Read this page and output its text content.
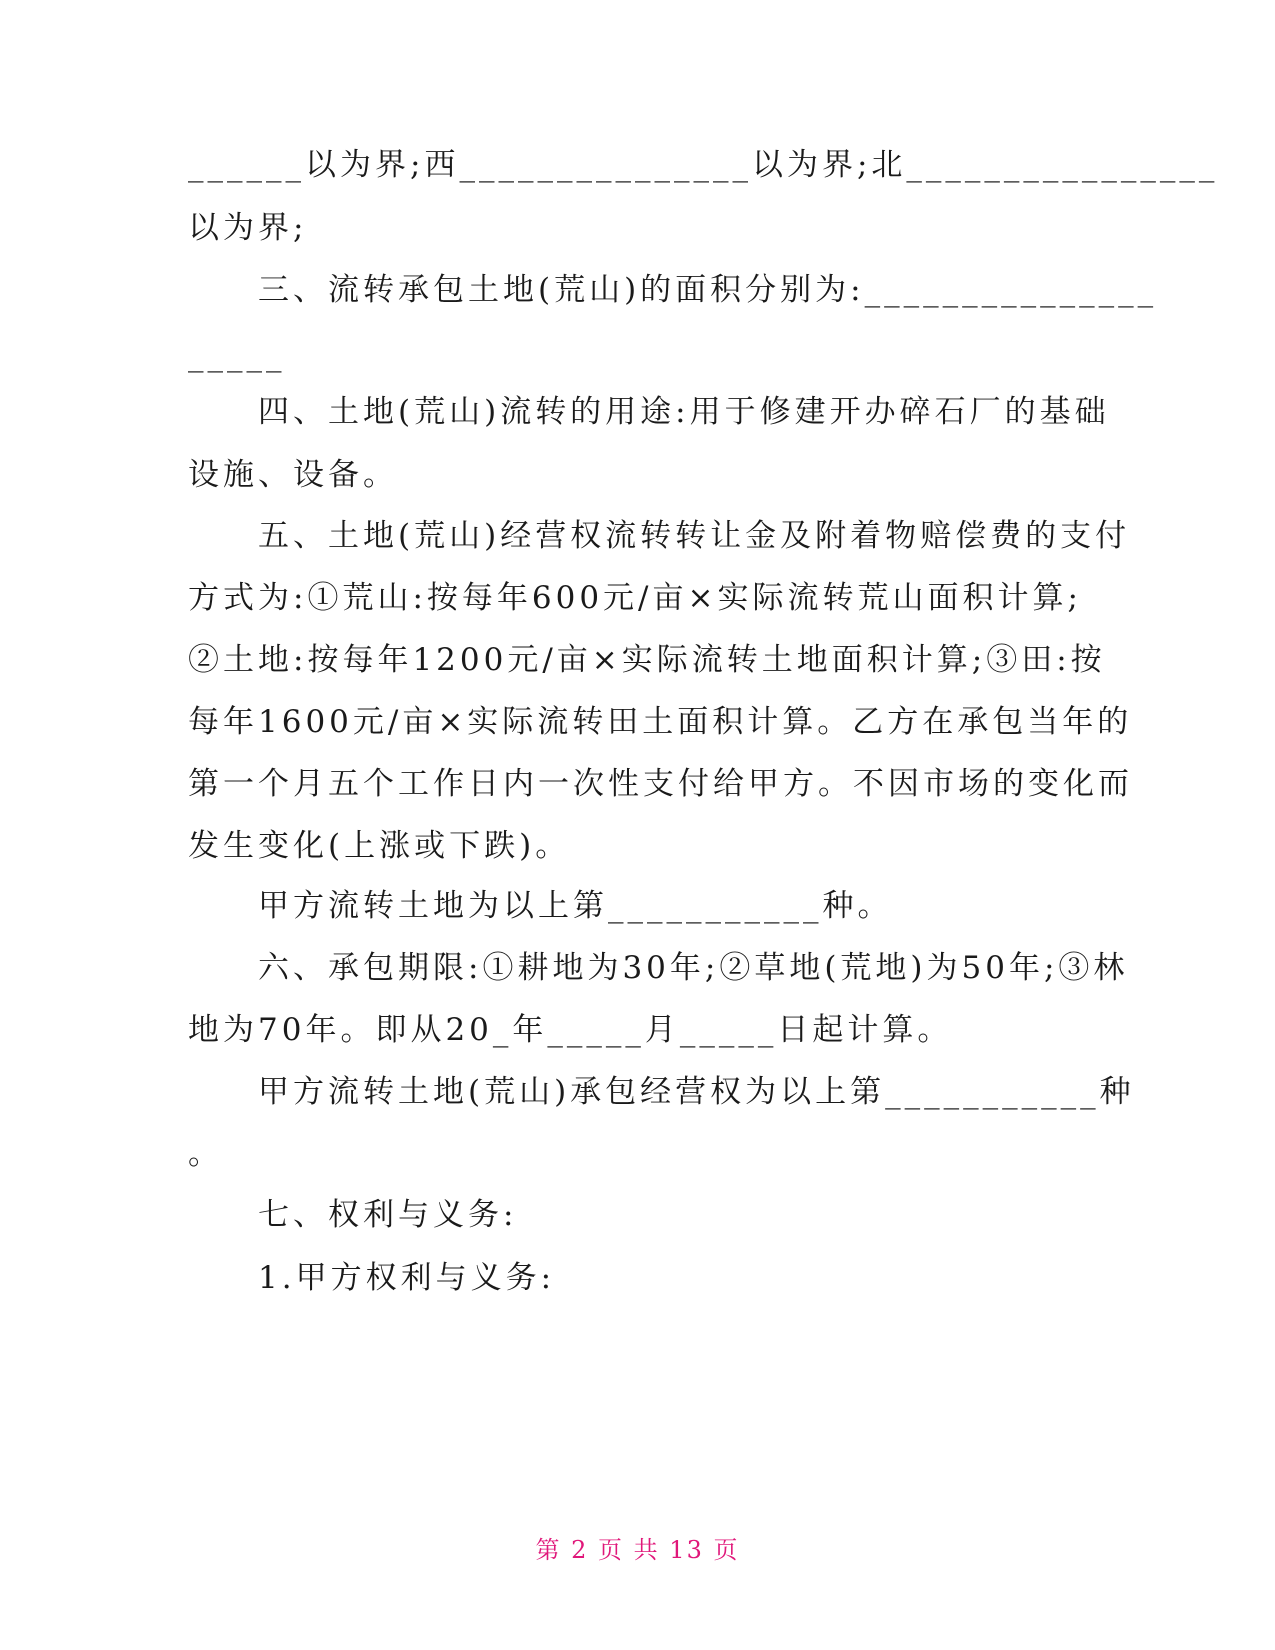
______以为界;西_______________以为界;北________________
以为界;
　　三、流转承包土地(荒山)的面积分别为:_______________
_____
　　四、土地(荒山)流转的用途:用于修建开办碎石厂的基础
设施、设备。
　　五、土地(荒山)经营权流转转让金及附着物赔偿费的支付
方式为:①荒山:按每年600元/亩×实际流转荒山面积计算;
②土地:按每年1200元/亩×实际流转土地面积计算;③田:按
每年1600元/亩×实际流转田土面积计算。乙方在承包当年的
第一个月五个工作日内一次性支付给甲方。不因市场的变化而
发生变化(上涨或下跌)。
　　甲方流转土地为以上第___________种。
　　六、承包期限:①耕地为30年;②草地(荒地)为50年;③林
地为70年。即从20_年_____月_____日起计算。
　　甲方流转土地(荒山)承包经营权为以上第___________种
。
　　七、权利与义务:
　　1.甲方权利与义务:
第 2 页 共 13 页
